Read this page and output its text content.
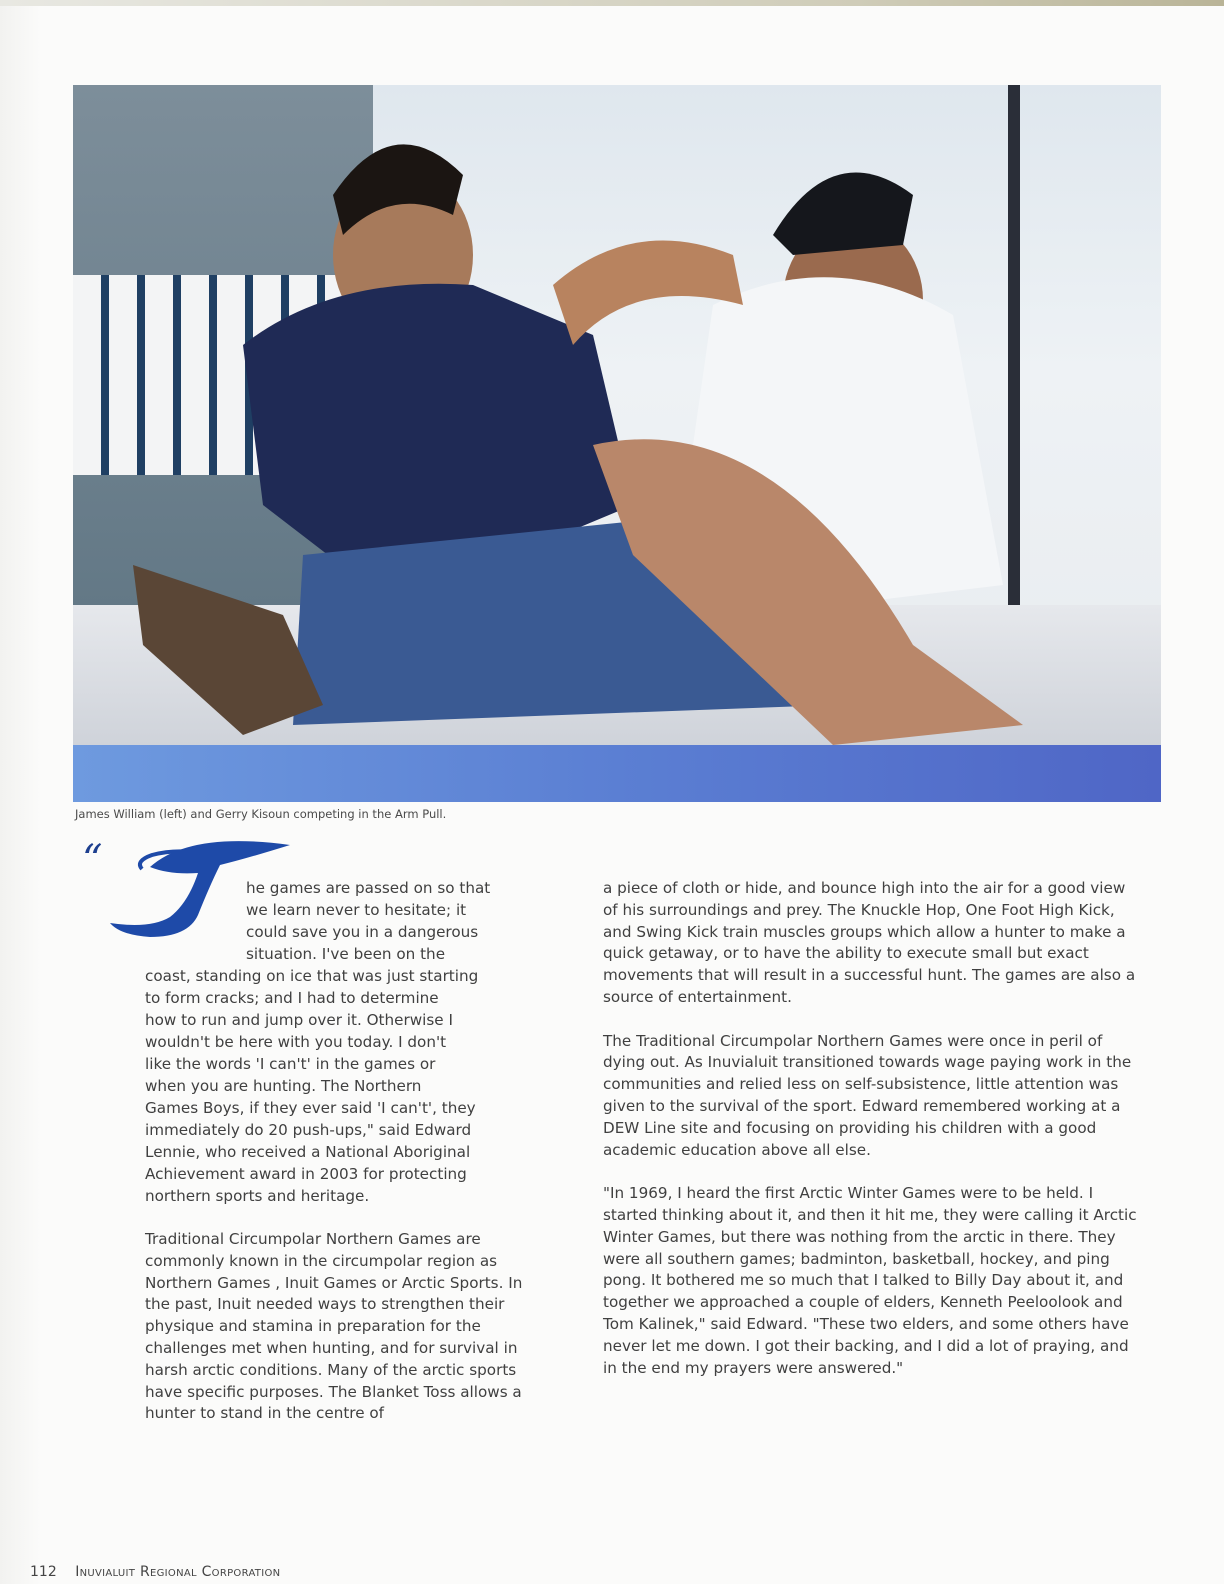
James William (left) and Gerry Kisoun competing in the Arm Pull.
“
T
he games are passed on so that
we learn never to hesitate; it
could save you in a dangerous
situation. I've been on the
coast, standing on ice that was just starting
to form cracks; and I had to determine
how to run and jump over it. Otherwise I
wouldn't be here with you today. I don't
like the words 'I can't' in the games or
when you are hunting. The Northern
Games Boys, if they ever said 'I can't', they
immediately do 20 push-ups," said Edward
Lennie, who received a National Aboriginal
Achievement award in 2003 for protecting
northern sports and heritage.

Traditional Circumpolar Northern Games are commonly known in the circumpolar region as Northern Games , Inuit Games or Arctic Sports. In the past, Inuit needed ways to strengthen their physique and stamina in preparation for the challenges met when hunting, and for survival in harsh arctic conditions. Many of the arctic sports have specific purposes. The Blanket Toss allows a hunter to stand in the centre of

a piece of cloth or hide, and bounce high into the air for a good view of his surroundings and prey. The Knuckle Hop, One Foot High Kick, and Swing Kick train muscles groups which allow a hunter to make a quick getaway, or to have the ability to execute small but exact movements that will result in a successful hunt. The games are also a source of entertainment.

The Traditional Circumpolar Northern Games were once in peril of dying out. As Inuvialuit transitioned towards wage paying work in the communities and relied less on self-subsistence, little attention was given to the survival of the sport. Edward remembered working at a DEW Line site and focusing on providing his children with a good academic education above all else.

"In 1969, I heard the first Arctic Winter Games were to be held. I started thinking about it, and then it hit me, they were calling it Arctic Winter Games, but there was nothing from the arctic in there. They were all southern games; badminton, basketball, hockey, and ping pong. It bothered me so much that I talked to Billy Day about it, and together we approached a couple of elders, Kenneth Peeloolook and Tom Kalinek," said Edward. "These two elders, and some others have never let me down. I got their backing, and I did a lot of praying, and in the end my prayers were answered."

112 Inuvialuit Regional Corporation
